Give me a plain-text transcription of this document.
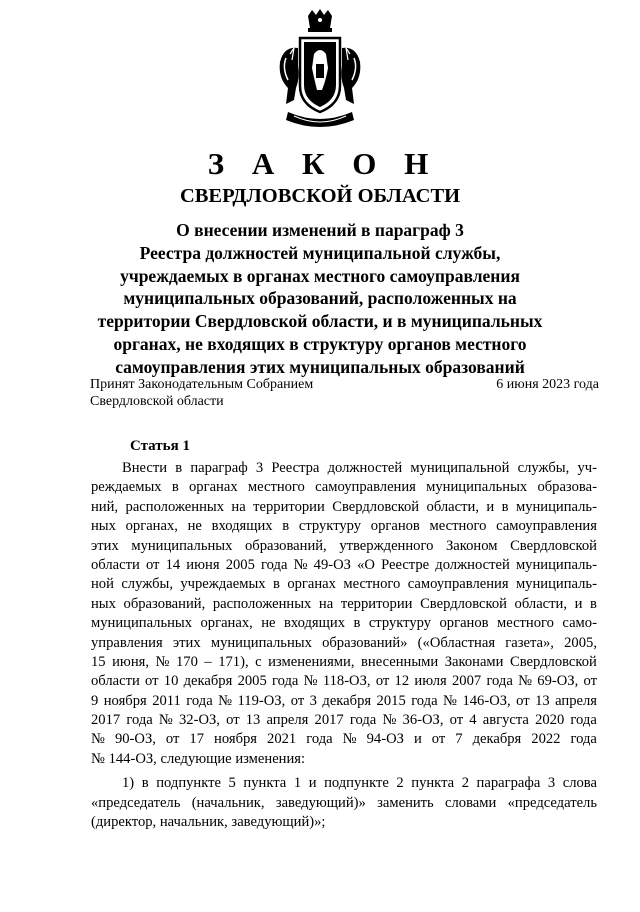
З А К О Н
СВЕРДЛОВСКОЙ ОБЛАСТИ
О внесении изменений в параграф 3
Реестра должностей муниципальной службы,
учреждаемых в органах местного самоуправления
муниципальных образований, расположенных на
территории Свердловской области, и в муниципальных
органах, не входящих в структуру органов местного
самоуправления этих муниципальных образований
Принят Законодательным Собранием
Свердловской области
6 июня 2023 года
Статья 1
Внести в параграф 3 Реестра должностей муниципальной службы, уч-
реждаемых в органах местного самоуправления муниципальных образова-
ний, расположенных на территории Свердловской области, и в муниципаль-
ных органах, не входящих в структуру органов местного самоуправления
этих муниципальных образований, утвержденного Законом Свердловской
области от 14 июня 2005 года № 49-ОЗ «О Реестре должностей муниципаль-
ной службы, учреждаемых в органах местного самоуправления муниципаль-
ных образований, расположенных на территории Свердловской области, и в
муниципальных органах, не входящих в структуру органов местного само-
управления этих муниципальных образований» («Областная газета», 2005,
15 июня, № 170 – 171), с изменениями, внесенными Законами Свердловской
области от 10 декабря 2005 года № 118-ОЗ, от 12 июля 2007 года № 69-ОЗ, от
9 ноября 2011 года № 119-ОЗ, от 3 декабря 2015 года № 146-ОЗ, от 13 апреля
2017 года № 32-ОЗ, от 13 апреля 2017 года № 36-ОЗ, от 4 августа 2020 года
№ 90-ОЗ, от 17 ноября 2021 года № 94-ОЗ и от 7 декабря 2022 года
№ 144-ОЗ, следующие изменения:
1) в подпункте 5 пункта 1 и подпункте 2 пункта 2 параграфа 3 слова
«председатель (начальник, заведующий)» заменить словами «председатель
(директор, начальник, заведующий)»;
